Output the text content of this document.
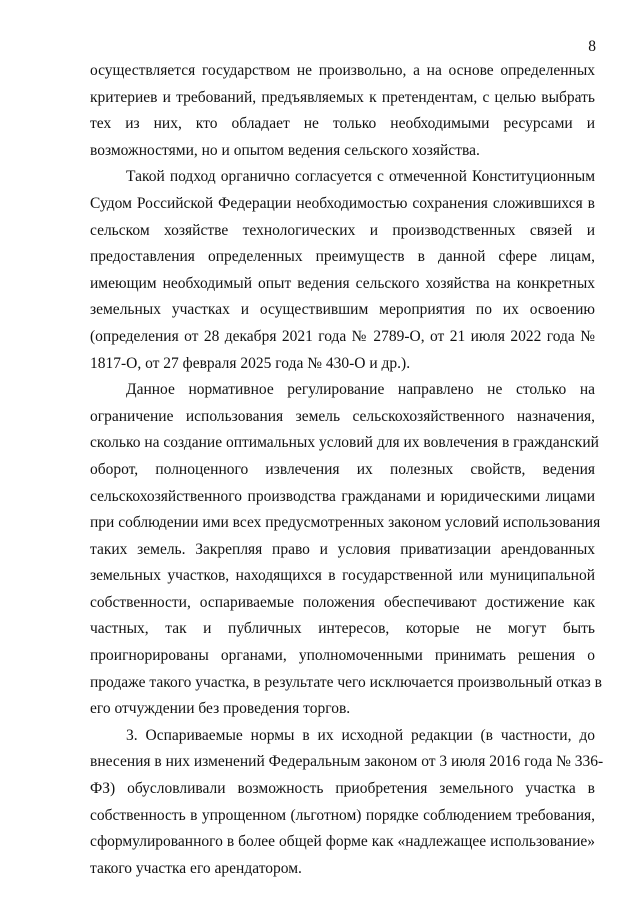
8

осуществляется государством не произвольно, а на основе определенных
критериев и требований, предъявляемых к претендентам, с целью выбрать
тех из них, кто обладает не только необходимыми ресурсами и
возможностями, но и опытом ведения сельского хозяйства.

Такой подход органично согласуется с отмеченной Конституционным
Судом Российской Федерации необходимостью сохранения сложившихся в
сельском хозяйстве технологических и производственных связей и
предоставления определенных преимуществ в данной сфере лицам,
имеющим необходимый опыт ведения сельского хозяйства на конкретных
земельных участках и осуществившим мероприятия по их освоению
(определения от 28 декабря 2021 года № 2789-О, от 21 июля 2022 года №
1817-О, от 27 февраля 2025 года № 430-О и др.).

Данное нормативное регулирование направлено не столько на
ограничение использования земель сельскохозяйственного назначения,
сколько на создание оптимальных условий для их вовлечения в гражданский
оборот, полноценного извлечения их полезных свойств, ведения
сельскохозяйственного производства гражданами и юридическими лицами
при соблюдении ими всех предусмотренных законом условий использования
таких земель. Закрепляя право и условия приватизации арендованных
земельных участков, находящихся в государственной или муниципальной
собственности, оспариваемые положения обеспечивают достижение как
частных, так и публичных интересов, которые не могут быть
проигнорированы органами, уполномоченными принимать решения о
продаже такого участка, в результате чего исключается произвольный отказ в
его отчуждении без проведения торгов.

3. Оспариваемые нормы в их исходной редакции (в частности, до
внесения в них изменений Федеральным законом от 3 июля 2016 года № 336-
ФЗ) обусловливали возможность приобретения земельного участка в
собственность в упрощенном (льготном) порядке соблюдением требования,
сформулированного в более общей форме как «надлежащее использование»
такого участка его арендатором.
